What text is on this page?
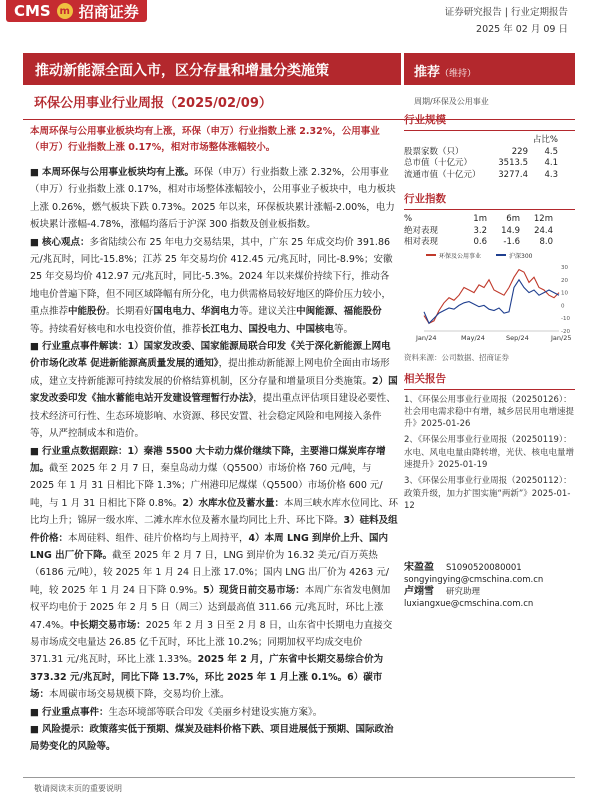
CMS m 招商证券	证券研究报告 | 行业定期报告
2025 年 02 月 09 日
推动新能源全面入市，区分存量和增量分类施策	推荐（维持）
环保公用事业行业周报（2025/02/09）	周期/环保及公用事业
本周环保与公用事业板块均有上涨，环保（申万）行业指数上涨 2.32%，公用事业（申万）行业指数上涨 0.17%，相对市场整体涨幅较小。

■ 本周环保与公用事业板块均有上涨。环保（申万）行业指数上涨 2.32%，公用事业（申万）行业指数上涨 0.17%，相对市场整体涨幅较小，公用事业子板块中，电力板块上涨 0.26%，燃气板块下跌 0.73%。2025 年以来，环保板块累计涨幅-2.00%，电力板块累计涨幅-4.78%，涨幅均落后于沪深 300 指数及创业板指数。

■ 核心观点：多省陆续公布 25 年电力交易结果，其中，广东 25 年成交均价 391.86 元/兆瓦时，同比-15.8%；江苏 25 年交易均价 412.45 元/兆瓦时，同比-8.9%；安徽 25 年交易均价 412.97 元/兆瓦时，同比-5.3%。2024 年以来煤价持续下行，推动各地电价普遍下降，但不同区域降幅有所分化，电力供需格局较好地区的降价压力较小，重点推荐中能股份。长期看好国电电力、华润电力等。建议关注中闽能源、福能股份等。持续看好核电和水电投资价值，推荐长江电力、国投电力、中国核电等。

■ 行业重点事件解读：1）国家发改委、国家能源局联合印发《关于深化新能源上网电价市场化改革 促进新能源高质量发展的通知》，提出推动新能源上网电价全面由市场形成，建立支持新能源可持续发展的价格结算机制，区分存量和增量项目分类施策。2）国家发改委印发《抽水蓄能电站开发建设管理暂行办法》，提出重点评估项目建设必要性、技术经济可行性、生态环境影响、水资源、移民安置、社会稳定风险和电网接入条件等，从严控制成本和造价。

■ 行业重点数据跟踪：1）秦港 5500 大卡动力煤价继续下降，主要港口煤炭库存增加。截至 2025 年 2 月 7 日，秦皇岛动力煤（Q5500）市场价格 760 元/吨，与 2025 年 1 月 31 日相比下降 1.3%；广州港印尼煤煤（Q5500）市场价格 600 元/吨，与 1 月 31 日相比下降 0.8%。2）水库水位及蓄水量：本周三峡水库水位同比、环比均上升；锦屏一级水库、二滩水库水位及蓄水量均同比上升、环比下降。3）硅料及组件价格：本周硅料、组件、硅片价格均与上周持平，4）本周 LNG 到岸价上升、国内 LNG 出厂价下降。截至 2025 年 2 月 7 日，LNG 到岸价为 16.32 美元/百万英热（6186 元/吨），较 2025 年 1 月 24 日上涨 17.0%；国内 LNG 出厂价为 4263 元/吨，较 2025 年 1 月 24 日下降 0.9%。5）现货日前交易市场：本周广东省发电侧加权平均电价于 2025 年 2 月 5 日（周三）达到最高值 311.66 元/兆瓦时，环比上涨 47.4%。中长期交易市场：2025 年 2 月 3 日至 2 月 8 日，山东省中长期电力直接交易市场成交电量达 26.85 亿千瓦时，环比上涨 10.2%；同期加权平均成交电价 371.31 元/兆瓦时，环比上涨 1.33%。2025 年 2 月，广东省中长期交易综合价为 373.32 元/兆瓦时，同比下降 13.7%，环比 2025 年 1 月上涨 0.1%。6）碳市场：本周碳市场交易规模下降，交易均价上涨。

■ 行业重点事件：生态环境部等联合印发《美丽乡村建设实施方案》。

■ 风险提示：政策落实低于预期、煤炭及硅料价格下跌、项目进展低于预期、国际政治局势变化的风险等。

行业规模
占比%
股票家数（只）	229	4.5
总市值（十亿元）	3513.5	4.1
流通市值（十亿元）	3277.4	4.3
行业指数
%	1m	6m	12m
绝对表现	3.2	14.9	24.4
相对表现	0.6	-1.6	8.0
环保及公用事业	沪深300
-20
-10
0
10
20
30
Jan/24	May/24	Sep/24	Jan/25
资料来源：公司数据、招商证券
相关报告
1、《环保公用事业行业周报（20250126）：社会用电需求稳中有增，城乡居民用电增速提升》2025-01-26
2、《环保公用事业行业周报（20250119）：水电、风电电量由降转增，光伏、核电电量增速提升》2025-01-19
3、《环保公用事业行业周报（20250112）：政策升级，加力扩围实施“两新”》2025-01-12
宋盈盈 S1090520080001
songyingying@cmschina.com.cn
卢翊雪 研究助理
luxiangxue@cmschina.com.cn
敬请阅读末页的重要说明
